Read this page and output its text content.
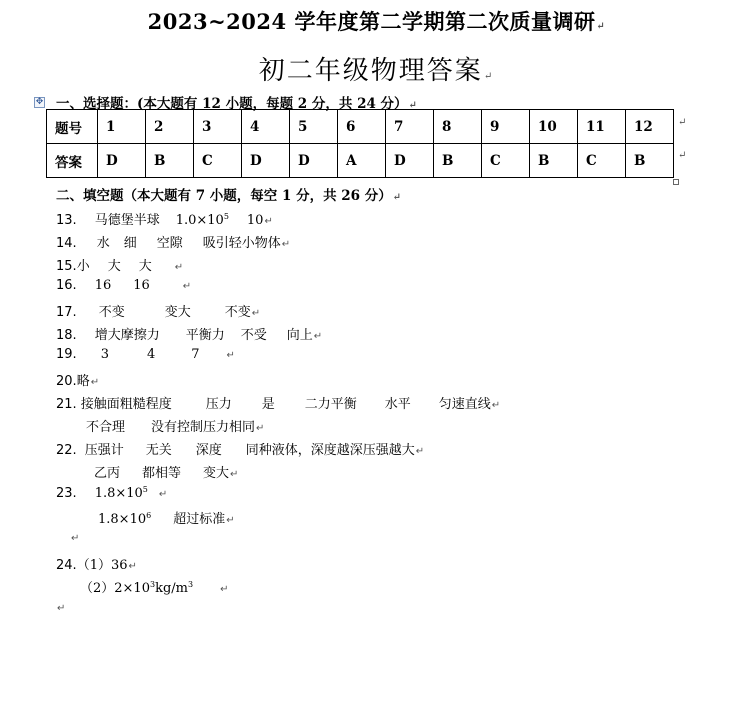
2023~2024 学年度第二学期第二次质量调研↵
初二年级物理答案↵
✥ 一、选择题：(本大题有 12 小题，每题 2 分，共 24 分）↵
题号	1	2	3	4	5	6	7	8	9	10	11	12
答案	D	B	C	D	D	A	D	B	C	B	C	B
↵
↵
二、填空题（本大题有 7 小题，每空 1 分，共 26 分）↵
13. 马德堡半球 $1.0\times 10^5$ 10↵
14. 水 细 空隙 吸引轻小物体↵
15.小 大 大 ↵
16. 16 16	↵
17. 不变	变大	不变↵
18. 增大摩擦力 平衡力 不受 向上↵
19. 3	4	7	↵
20.略↵
21. 接触面粗糙程度	压力 是 二力平衡 水平 匀速直线↵
不合理 没有控制压力相同↵
22. 压强计 无关 深度 同种液体，深度越深压强越大↵
乙丙 都相等 变大↵
23. $1.8\times 10^5$ ↵
$1.8\times 10^6$ 超过标准↵
↵
24.（1）36↵
$(2)2\times 10^3kg/m^3$	↵
↵
